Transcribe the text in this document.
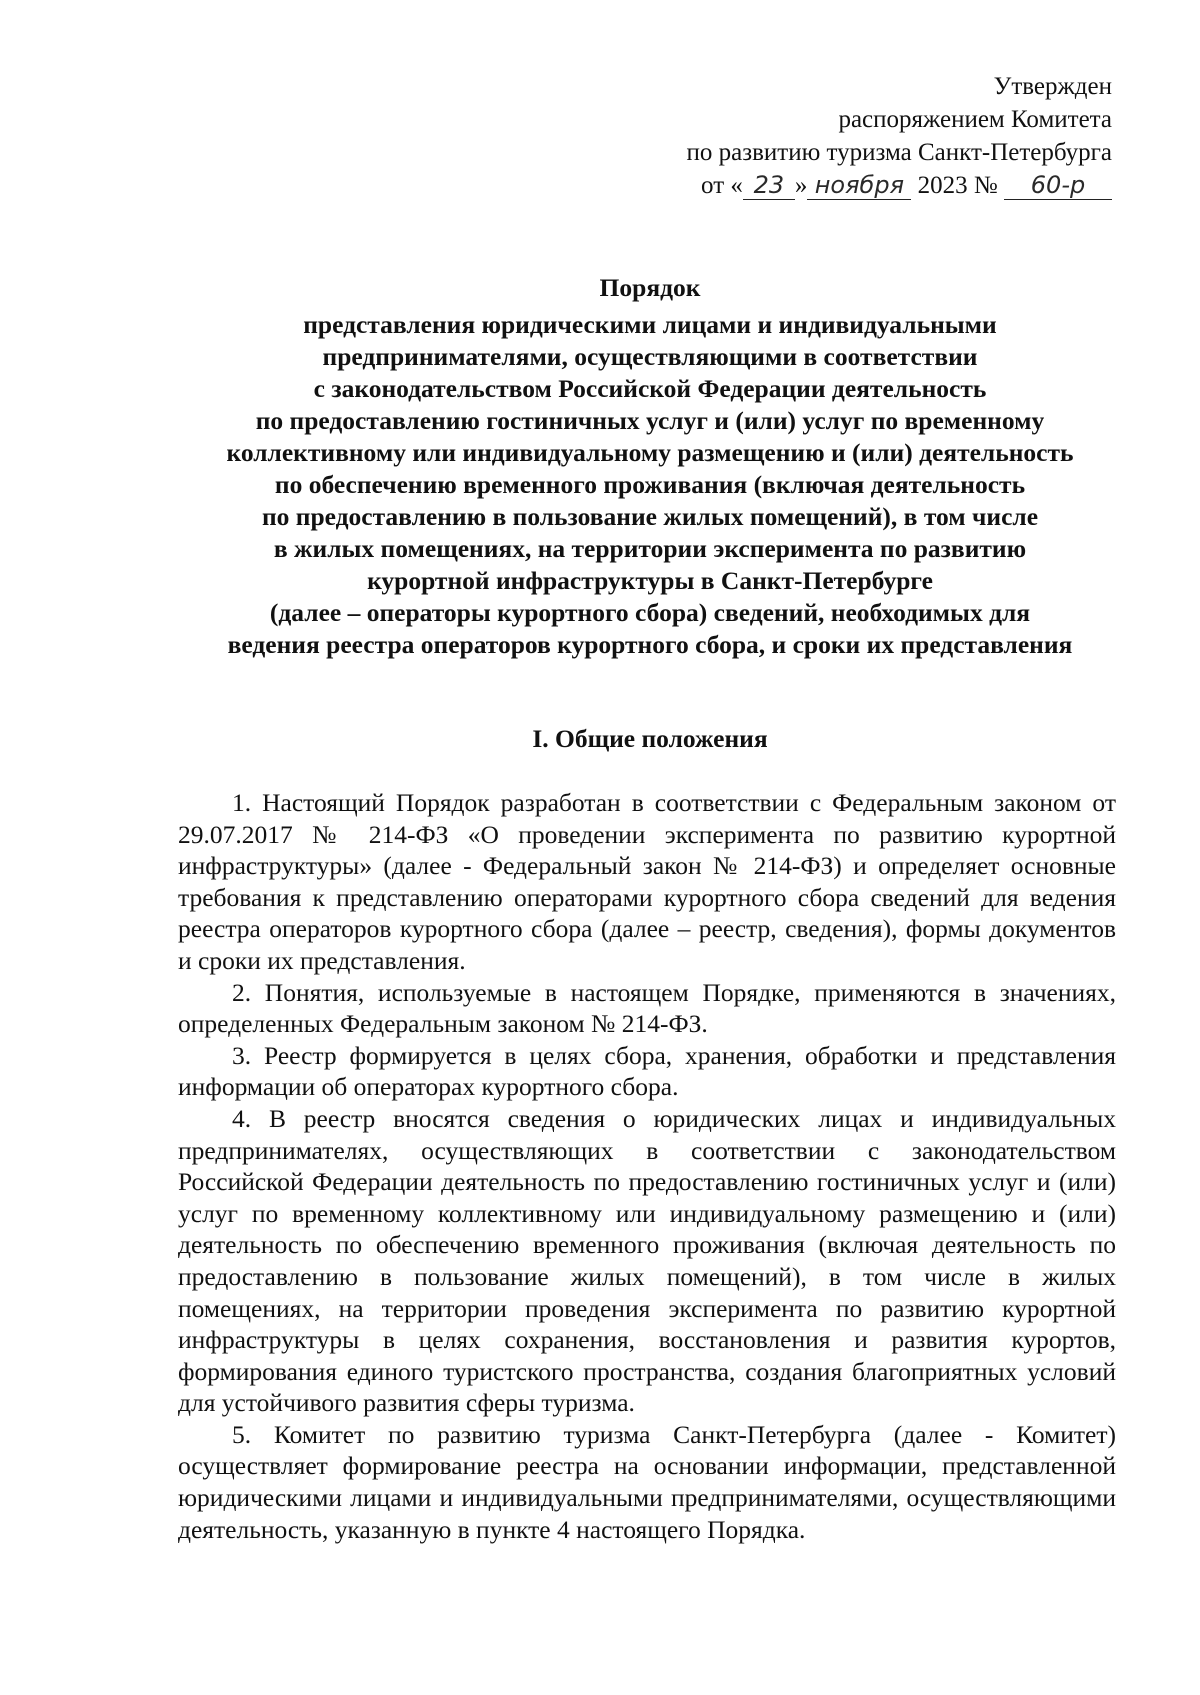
Утвержден
распоряжением Комитета
по развитию туризма Санкт-Петербурга
от « 23 » ноября 2023 № 60-р
Порядок
представления юридическими лицами и индивидуальными
предпринимателями, осуществляющими в соответствии
с законодательством Российской Федерации деятельность
по предоставлению гостиничных услуг и (или) услуг по временному
коллективному или индивидуальному размещению и (или) деятельность
по обеспечению временного проживания (включая деятельность
по предоставлению в пользование жилых помещений), в том числе
в жилых помещениях, на территории эксперимента по развитию
курортной инфраструктуры в Санкт-Петербурге
(далее – операторы курортного сбора) сведений, необходимых для
ведения реестра операторов курортного сбора, и сроки их представления
I. Общие положения

1. Настоящий Порядок разработан в соответствии с Федеральным законом от 29.07.2017 № 214-ФЗ «О проведении эксперимента по развитию курортной инфраструктуры» (далее - Федеральный закон № 214-ФЗ) и определяет основные требования к представлению операторами курортного сбора сведений для ведения реестра операторов курортного сбора (далее – реестр, сведения), формы документов и сроки их представления.

2. Понятия, используемые в настоящем Порядке, применяются в значениях, определенных Федеральным законом № 214-ФЗ.

3. Реестр формируется в целях сбора, хранения, обработки и представления информации об операторах курортного сбора.

4. В реестр вносятся сведения о юридических лицах и индивидуальных предпринимателях, осуществляющих в соответствии с законодательством Российской Федерации деятельность по предоставлению гостиничных услуг и (или) услуг по временному коллективному или индивидуальному размещению и (или) деятельность по обеспечению временного проживания (включая деятельность по предоставлению в пользование жилых помещений), в том числе в жилых помещениях, на территории проведения эксперимента по развитию курортной инфраструктуры в целях сохранения, восстановления и развития курортов, формирования единого туристского пространства, создания благоприятных условий для устойчивого развития сферы туризма.

5. Комитет по развитию туризма Санкт-Петербурга (далее - Комитет) осуществляет формирование реестра на основании информации, представленной юридическими лицами и индивидуальными предпринимателями, осуществляющими деятельность, указанную в пункте 4 настоящего Порядка.
